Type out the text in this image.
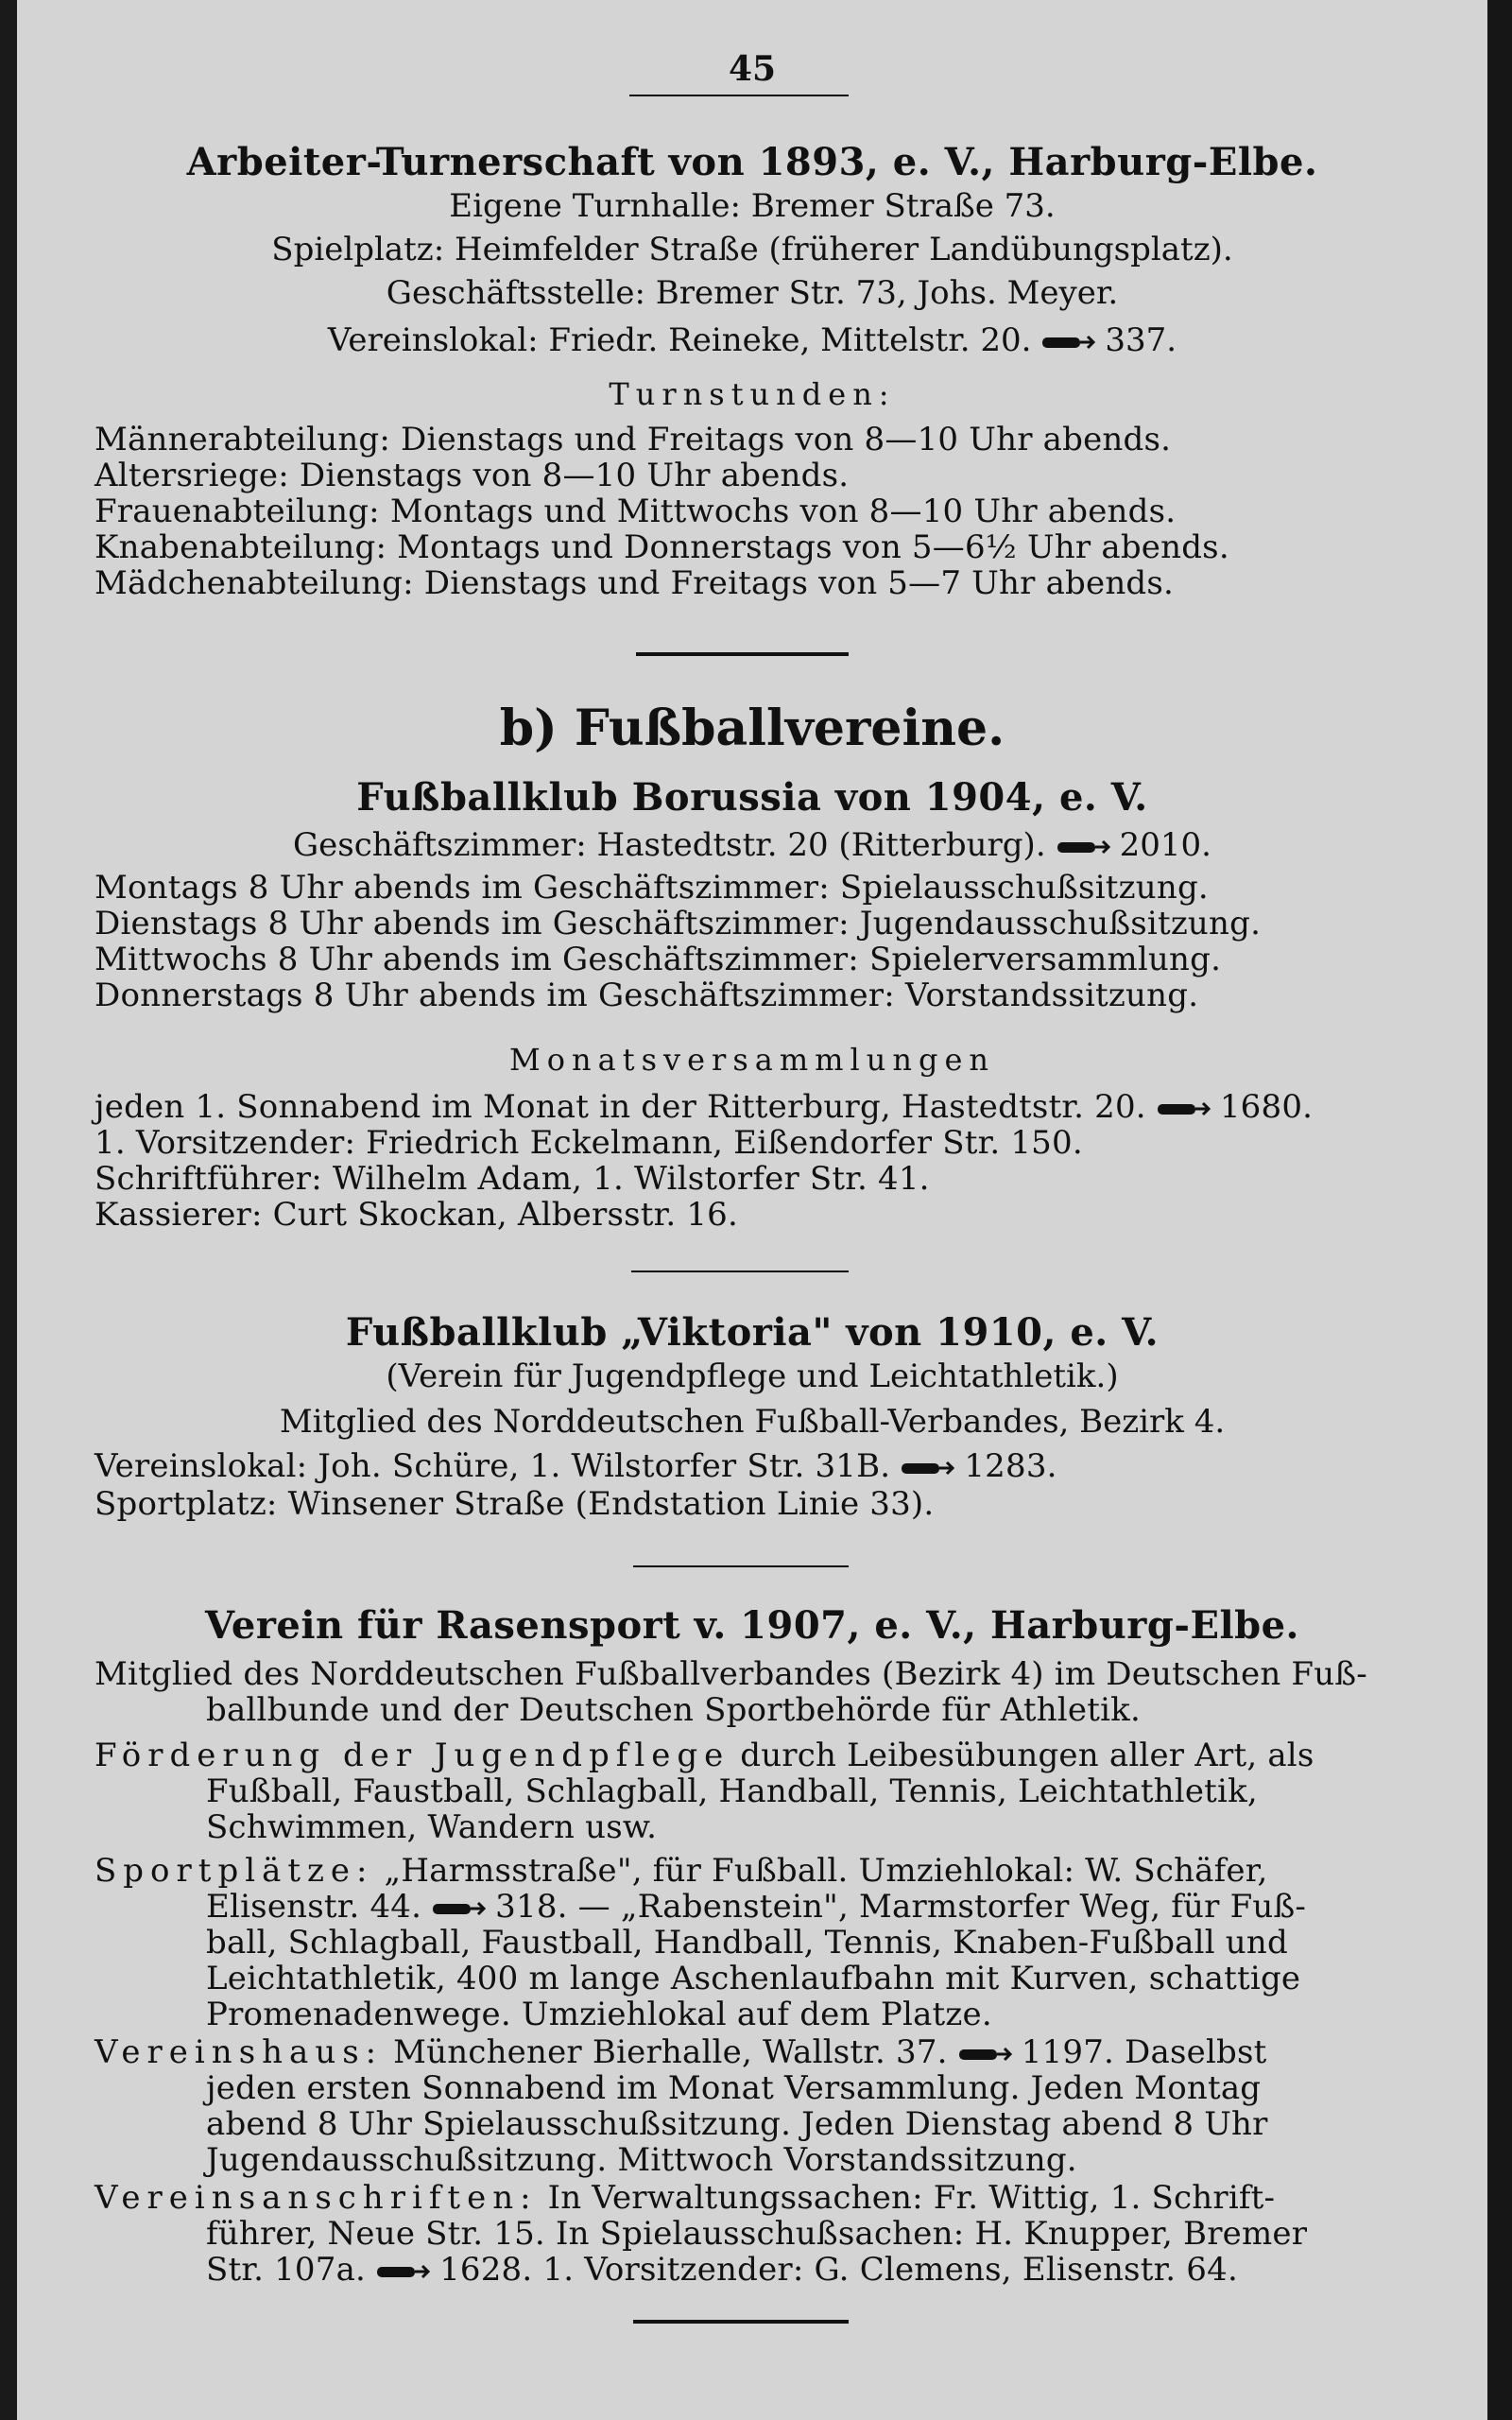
45
Arbeiter-Turnerschaft von 1893, e. V., Harburg-Elbe.
Eigene Turnhalle: Bremer Straße 73.
Spielplatz: Heimfelder Straße (früherer Landübungsplatz).
Geschäftsstelle: Bremer Str. 73, Johs. Meyer.
Vereinslokal: Friedr. Reineke, Mittelstr. 20. 337.
Turnstunden:
Männerabteilung: Dienstags und Freitags von 8—10 Uhr abends.
Altersriege: Dienstags von 8—10 Uhr abends.
Frauenabteilung: Montags und Mittwochs von 8—10 Uhr abends.
Knabenabteilung: Montags und Donnerstags von 5—6½ Uhr abends.
Mädchenabteilung: Dienstags und Freitags von 5—7 Uhr abends.
b) Fußballvereine.
Fußballklub Borussia von 1904, e. V.
Geschäftszimmer: Hastedtstr. 20 (Ritterburg). 2010.
Montags 8 Uhr abends im Geschäftszimmer: Spielausschußsitzung.
Dienstags 8 Uhr abends im Geschäftszimmer: Jugendausschußsitzung.
Mittwochs 8 Uhr abends im Geschäftszimmer: Spielerversammlung.
Donnerstags 8 Uhr abends im Geschäftszimmer: Vorstandssitzung.
Monatsversammlungen
jeden 1. Sonnabend im Monat in der Ritterburg, Hastedtstr. 20. 1680.
1. Vorsitzender: Friedrich Eckelmann, Eißendorfer Str. 150.
Schriftführer: Wilhelm Adam, 1. Wilstorfer Str. 41.
Kassierer: Curt Skockan, Albersstr. 16.
Fußballklub „Viktoria" von 1910, e. V.
(Verein für Jugendpflege und Leichtathletik.)
Mitglied des Norddeutschen Fußball-Verbandes, Bezirk 4.
Vereinslokal: Joh. Schüre, 1. Wilstorfer Str. 31B. 1283.
Sportplatz: Winsener Straße (Endstation Linie 33).
Verein für Rasensport v. 1907, e. V., Harburg-Elbe.
Mitglied des Norddeutschen Fußballverbandes (Bezirk 4) im Deutschen Fuß-
ballbunde und der Deutschen Sportbehörde für Athletik.
Förderung der Jugendpflege durch Leibesübungen aller Art, als
Fußball, Faustball, Schlagball, Handball, Tennis, Leichtathletik,
Schwimmen, Wandern usw.
Sportplätze: „Harmsstraße", für Fußball. Umziehlokal: W. Schäfer,
Elisenstr. 44. 318. — „Rabenstein", Marmstorfer Weg, für Fuß-
ball, Schlagball, Faustball, Handball, Tennis, Knaben-Fußball und
Leichtathletik, 400 m lange Aschenlaufbahn mit Kurven, schattige
Promenadenwege. Umziehlokal auf dem Platze.
Vereinshaus: Münchener Bierhalle, Wallstr. 37. 1197. Daselbst
jeden ersten Sonnabend im Monat Versammlung. Jeden Montag
abend 8 Uhr Spielausschußsitzung. Jeden Dienstag abend 8 Uhr
Jugendausschußsitzung. Mittwoch Vorstandssitzung.
Vereinsanschriften: In Verwaltungssachen: Fr. Wittig, 1. Schrift-
führer, Neue Str. 15. In Spielausschußsachen: H. Knupper, Bremer
Str. 107a. 1628. 1. Vorsitzender: G. Clemens, Elisenstr. 64.
